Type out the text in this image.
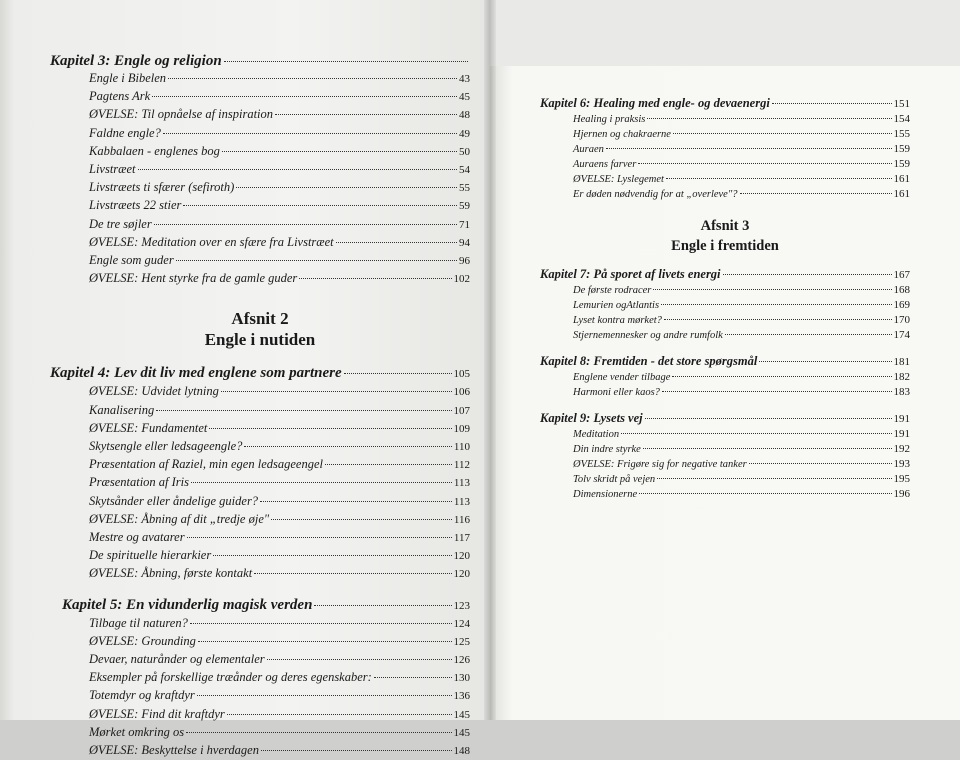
Kapitel 3: Engle og religion
Engle i Bibelen	43
Pagtens Ark	45
ØVELSE: Til opnåelse af inspiration	48
Faldne engle?	49
Kabbalaen - englenes bog	50
Livstræet	54
Livstræets ti sfærer (sefiroth)	55
Livstræets 22 stier	59
De tre søjler	71
ØVELSE: Meditation over en sfære fra Livstræet	94
Engle som guder	96
ØVELSE: Hent styrke fra de gamle guder	102
Afsnit 2
Engle i nutiden
Kapitel 4: Lev dit liv med englene som partnere	105
ØVELSE: Udvidet lytning	106
Kanalisering	107
ØVELSE: Fundamentet	109
Skytsengle eller ledsageengle?	110
Præsentation af Raziel, min egen ledsageengel	112
Præsentation af Iris	113
Skytsånder eller åndelige guider?	113
ØVELSE: Åbning af dit „tredje øje"	116
Mestre og avatarer	117
De spirituelle hierarkier	120
ØVELSE: Åbning, første kontakt	120
Kapitel 5: En vidunderlig magisk verden	123
Tilbage til naturen?	124
ØVELSE: Grounding	125
Devaer, naturånder og elementaler	126
Eksempler på forskellige træånder og deres egenskaber:	130
Totemdyr og kraftdyr	136
ØVELSE: Find dit kraftdyr	145
Mørket omkring os	145
ØVELSE: Beskyttelse i hverdagen	148
Kapitel 6: Healing med engle- og devaenergi	151
Healing i praksis	154
Hjernen og chakraerne	155
Auraen	159
Auraens farver	159
ØVELSE: Lyslegemet	161
Er døden nødvendig for at „overleve"?	161
Afsnit 3
Engle i fremtiden
Kapitel 7: På sporet af livets energi	167
De første rodracer	168
Lemurien ogAtlantis	169
Lyset kontra mørket?	170
Stjernemennesker og andre rumfolk	174
Kapitel 8: Fremtiden - det store spørgsmål	181
Englene vender tilbage	182
Harmoni eller kaos?	183
Kapitel 9: Lysets vej	191
Meditation	191
Din indre styrke	192
ØVELSE: Frigøre sig for negative tanker	193
Tolv skridt på vejen	195
Dimensionerne	196
